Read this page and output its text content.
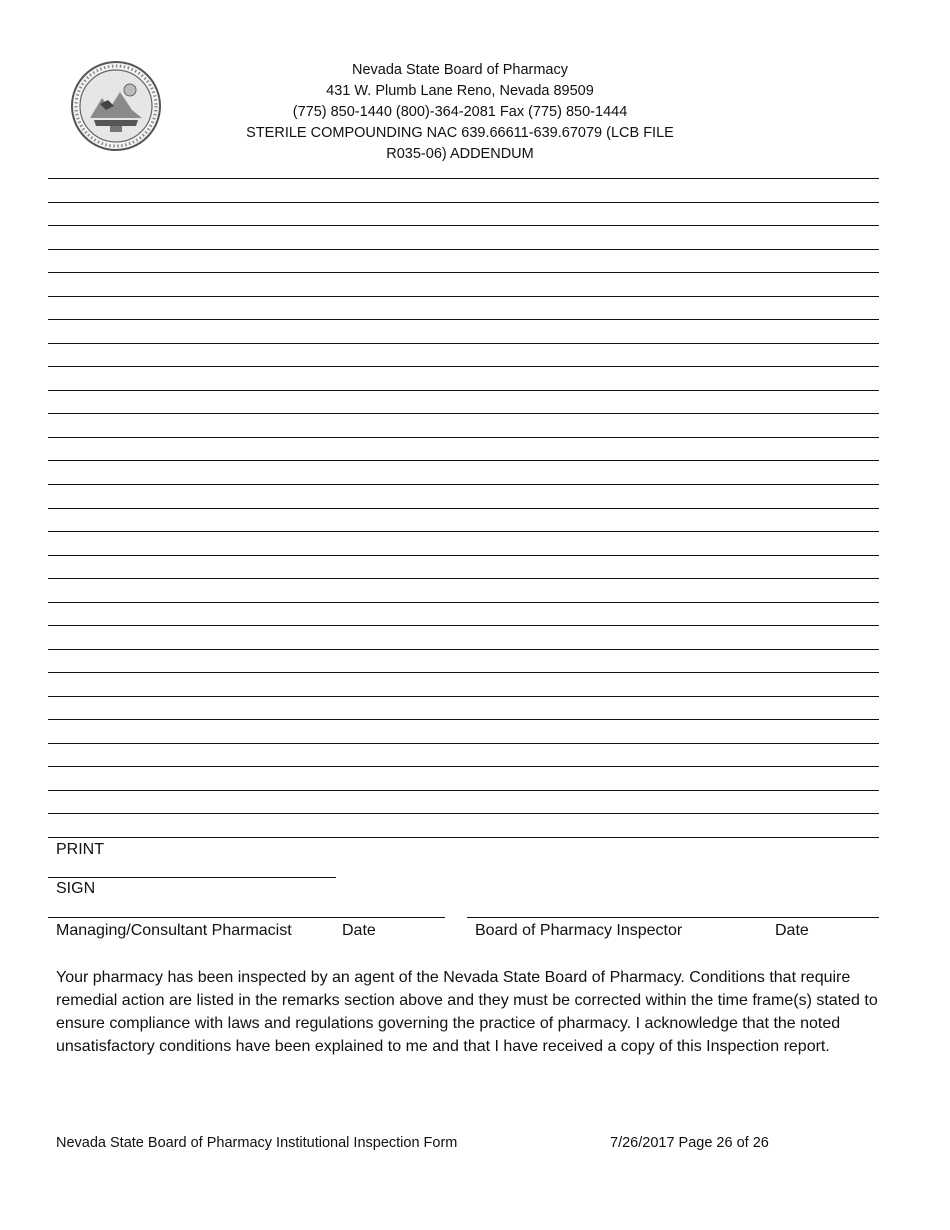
Nevada State Board of Pharmacy
431 W. Plumb Lane Reno, Nevada 89509
(775) 850-1440 (800)-364-2081 Fax (775) 850-1444
STERILE COMPOUNDING NAC 639.66611-639.67079 (LCB FILE
R035-06) ADDENDUM
PRINT
SIGN
Managing/Consultant Pharmacist	Date	Board of Pharmacy Inspector	Date
Your pharmacy has been inspected by an agent of the Nevada State Board of Pharmacy. Conditions that require remedial action are listed in the remarks section above and they must be corrected within the time frame(s) stated to ensure compliance with laws and regulations governing the practice of pharmacy. I acknowledge that the noted unsatisfactory conditions have been explained to me and that I have received a copy of this Inspection report.
Nevada State Board of Pharmacy Institutional Inspection Form	7/26/2017 Page 26 of 26
